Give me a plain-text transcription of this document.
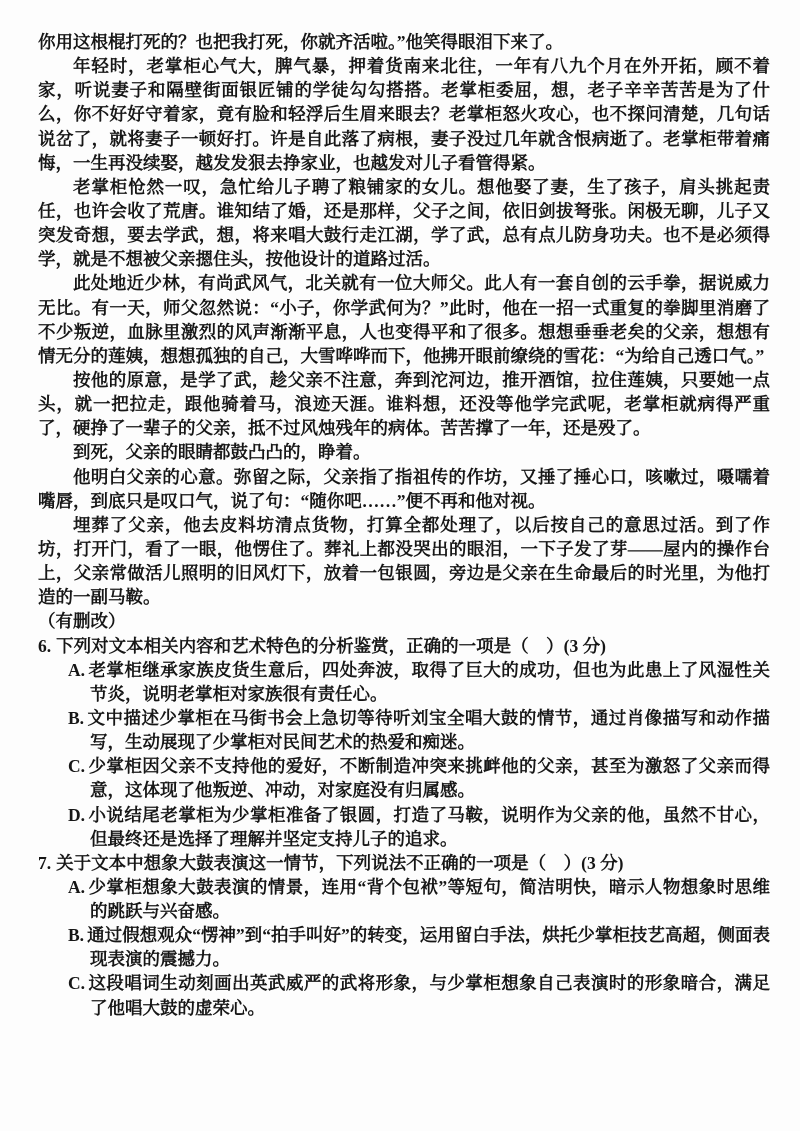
你用这根棍打死的？也把我打死，你就齐活啦。”他笑得眼泪下来了。

年轻时，老掌柜心气大，脾气暴，押着货南来北往，一年有八九个月在外开拓，顾不着家，听说妻子和隔壁街面银匠铺的学徒勾勾搭搭。老掌柜委屈，想，老子辛辛苦苦是为了什么，你不好好守着家，竟有脸和轻浮后生眉来眼去？老掌柜怒火攻心，也不探问清楚，几句话说岔了，就将妻子一顿好打。许是自此落了病根，妻子没过几年就含恨病逝了。老掌柜带着痛悔，一生再没续娶，越发发狠去挣家业，也越发对儿子看管得紧。

老掌柜怆然一叹，急忙给儿子聘了粮铺家的女儿。想他娶了妻，生了孩子，肩头挑起责任，也许会收了荒唐。谁知结了婚，还是那样，父子之间，依旧剑拔弩张。闲极无聊，儿子又突发奇想，要去学武，想，将来唱大鼓行走江湖，学了武，总有点儿防身功夫。也不是必须得学，就是不想被父亲摁住头，按他设计的道路过活。

此处地近少林，有尚武风气，北关就有一位大师父。此人有一套自创的云手拳，据说威力无比。有一天，师父忽然说：“小子，你学武何为？”此时，他在一招一式重复的拳脚里消磨了不少叛逆，血脉里激烈的风声渐渐平息，人也变得平和了很多。想想垂垂老矣的父亲，想想有情无分的莲姨，想想孤独的自己，大雪哗哗而下，他拂开眼前缭绕的雪花：“为给自己透口气。”

按他的原意，是学了武，趁父亲不注意，奔到沱河边，推开酒馆，拉住莲姨，只要她一点头，就一把拉走，跟他骑着马，浪迹天涯。谁料想，还没等他学完武呢，老掌柜就病得严重了，硬挣了一辈子的父亲，抵不过风烛残年的病体。苦苦撑了一年，还是殁了。

到死，父亲的眼睛都鼓凸凸的，睁着。

他明白父亲的心意。弥留之际，父亲指了指祖传的作坊，又捶了捶心口，咳嗽过，嗫嚅着嘴唇，到底只是叹口气，说了句：“随你吧……”便不再和他对视。

埋葬了父亲，他去皮料坊清点货物，打算全都处理了，以后按自己的意思过活。到了作坊，打开门，看了一眼，他愣住了。葬礼上都没哭出的眼泪，一下子发了芽——屋内的操作台上，父亲常做活儿照明的旧风灯下，放着一包银圆，旁边是父亲在生命最后的时光里，为他打造的一副马鞍。

（有删改）

6. 下列对文本相关内容和艺术特色的分析鉴赏，正确的一项是（　）(3 分)
A. 老掌柜继承家族皮货生意后，四处奔波，取得了巨大的成功，但也为此患上了风湿性关节炎，说明老掌柜对家族很有责任心。
B. 文中描述少掌柜在马街书会上急切等待听刘宝全唱大鼓的情节，通过肖像描写和动作描写，生动展现了少掌柜对民间艺术的热爱和痴迷。
C. 少掌柜因父亲不支持他的爱好，不断制造冲突来挑衅他的父亲，甚至为激怒了父亲而得意，这体现了他叛逆、冲动，对家庭没有归属感。
D. 小说结尾老掌柜为少掌柜准备了银圆，打造了马鞍，说明作为父亲的他，虽然不甘心，但最终还是选择了理解并坚定支持儿子的追求。
7. 关于文本中想象大鼓表演这一情节，下列说法不正确的一项是（　）(3 分)
A. 少掌柜想象大鼓表演的情景，连用“背个包袱”等短句，简洁明快，暗示人物想象时思维的跳跃与兴奋感。
B. 通过假想观众“愣神”到“拍手叫好”的转变，运用留白手法，烘托少掌柜技艺高超，侧面表现表演的震撼力。
C. 这段唱词生动刻画出英武威严的武将形象，与少掌柜想象自己表演时的形象暗合，满足了他唱大鼓的虚荣心。
